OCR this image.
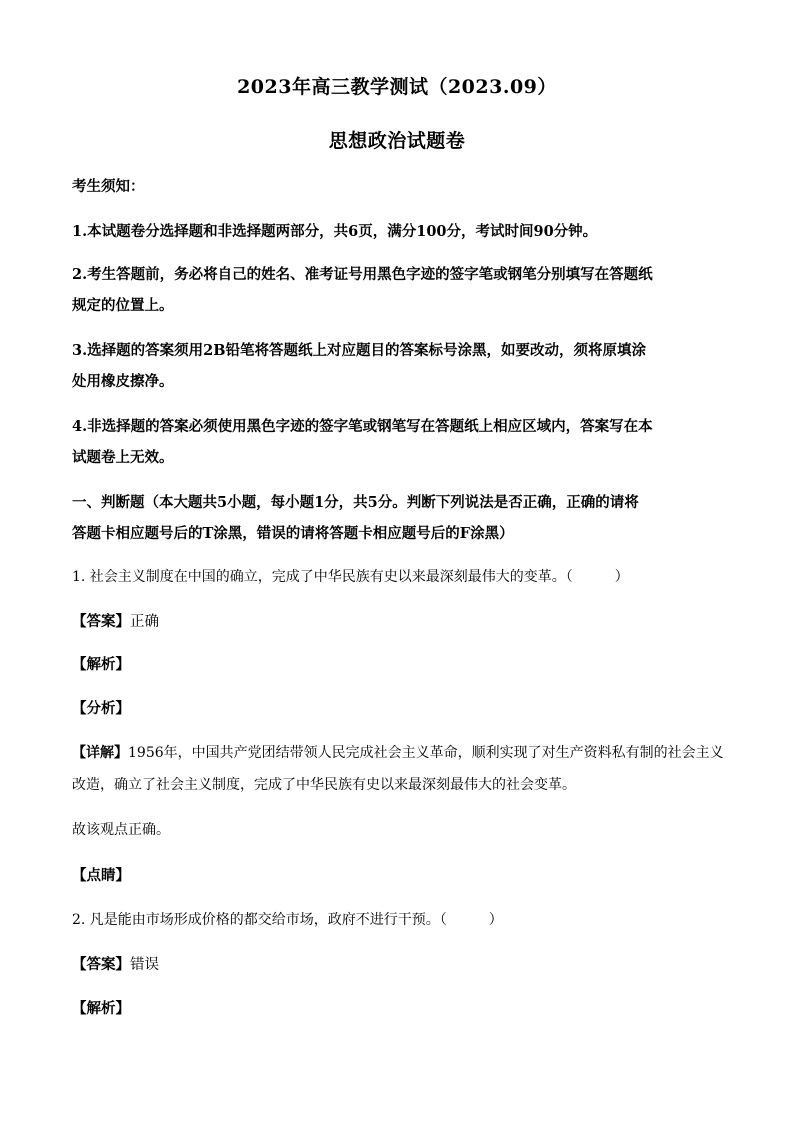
2023年高三教学测试（2023.09）
思想政治试题卷
考生须知：
1.本试题卷分选择题和非选择题两部分，共6页，满分100分，考试时间90分钟。
2.考生答题前，务必将自己的姓名、准考证号用黑色字迹的签字笔或钢笔分别填写在答题纸
规定的位置上。
3.选择题的答案须用2B铅笔将答题纸上对应题目的答案标号涂黑，如要改动，须将原填涂
处用橡皮擦净。
4.非选择题的答案必须使用黑色字迹的签字笔或钢笔写在答题纸上相应区域内，答案写在本
试题卷上无效。
一、判断题（本大题共5小题，每小题1分，共5分。判断下列说法是否正确，正确的请将
答题卡相应题号后的T涂黑，错误的请将答题卡相应题号后的F涂黑）
1. 社会主义制度在中国的确立，完成了中华民族有史以来最深刻最伟大的变革。（　　　）
【答案】正确
【解析】
【分析】
【详解】1956年，中国共产党团结带领人民完成社会主义革命，顺利实现了对生产资料私有制的社会主义
改造，确立了社会主义制度，完成了中华民族有史以来最深刻最伟大的社会变革。
故该观点正确。
【点睛】
2. 凡是能由市场形成价格的都交给市场，政府不进行干预。（　　　）
【答案】错误
【解析】
